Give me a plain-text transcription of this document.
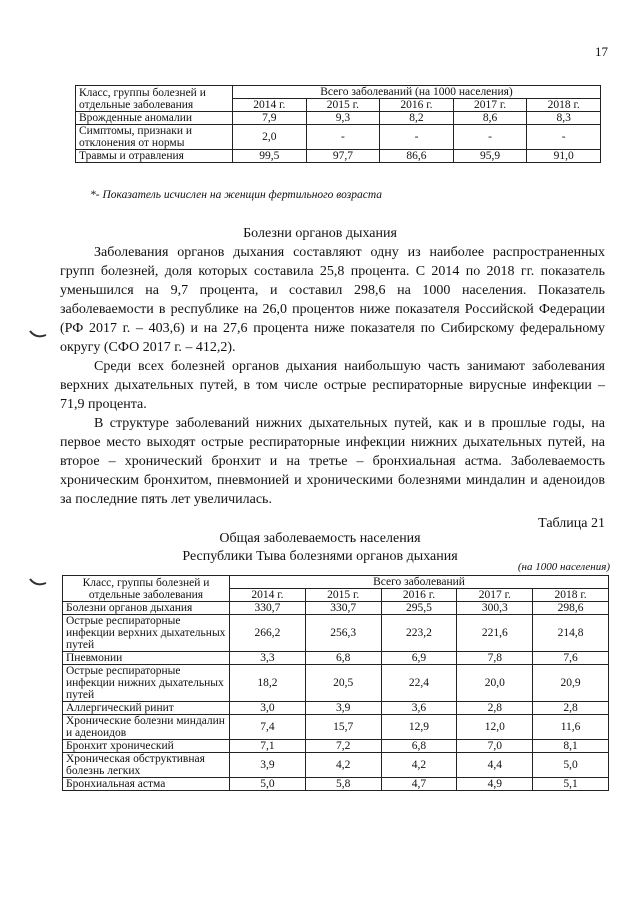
17
Класс, группы болезней и отдельные заболевания	Всего заболеваний (на 1000 населения)				
	2014 г.	2015 г.	2016 г.	2017 г.	2018 г.
Врожденные аномалии	7,9	9,3	8,2	8,6	8,3
Симптомы, признаки и отклонения от нормы	2,0	-	-	-	-
Травмы и отравления	99,5	97,7	86,6	95,9	91,0
*- Показатель исчислен на женщин фертильного возраста
Болезни органов дыхания

Заболевания органов дыхания составляют одну из наиболее распространенных групп болезней, доля которых составила 25,8 процента. С 2014 по 2018 гг. показатель уменьшился на 9,7 процента, и составил 298,6 на 1000 населения. Показатель заболеваемости в республике на 26,0 процентов ниже показателя Российской Федерации (РФ 2017 г. – 403,6) и на 27,6 процента ниже показателя по Сибирскому федеральному округу (СФО 2017 г. – 412,2).

Среди всех болезней органов дыхания наибольшую часть занимают заболевания верхних дыхательных путей, в том числе острые респираторные вирусные инфекции – 71,9 процента.

В структуре заболеваний нижних дыхательных путей, как и в прошлые годы, на первое место выходят острые респираторные инфекции нижних дыхательных путей, на второе – хронический бронхит и на третье – бронхиальная астма. Заболеваемость хроническим бронхитом, пневмонией и хроническими болезнями миндалин и аденоидов за последние пять лет увеличилась.

Таблица 21
Общая заболеваемость населения
Республики Тыва болезнями органов дыхания
(на 1000 населения)
Класс, группы болезней и отдельные заболевания	Всего заболеваний				
	2014 г.	2015 г.	2016 г.	2017 г.	2018 г.
Болезни органов дыхания	330,7	330,7	295,5	300,3	298,6
Острые респираторные инфекции верхних дыхательных путей	266,2	256,3	223,2	221,6	214,8
Пневмонии	3,3	6,8	6,9	7,8	7,6
Острые респираторные инфекции нижних дыхательных путей	18,2	20,5	22,4	20,0	20,9
Аллергический ринит	3,0	3,9	3,6	2,8	2,8
Хронические болезни миндалин и аденоидов	7,4	15,7	12,9	12,0	11,6
Бронхит хронический	7,1	7,2	6,8	7,0	8,1
Хроническая обструктивная болезнь легких	3,9	4,2	4,2	4,4	5,0
Бронхиальная астма	5,0	5,8	4,7	4,9	5,1
